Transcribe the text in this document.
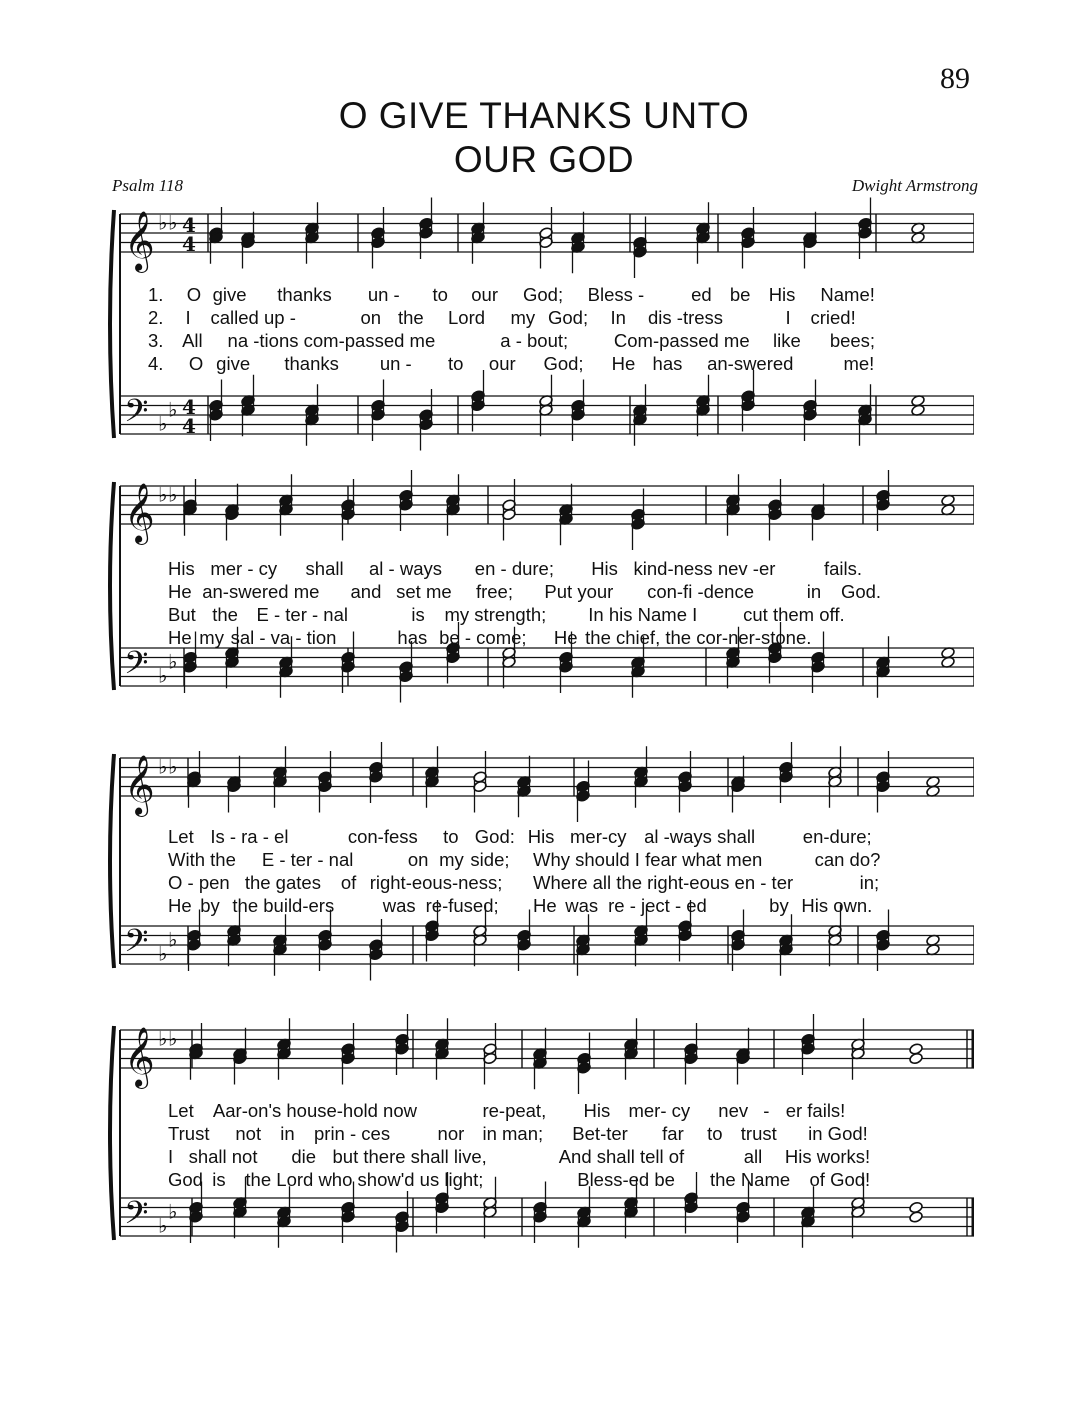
89
O GIVE THANKS UNTO
OUR GOD
Psalm 118	Dwight Armstrong
𝄞 ♭ ♭ 4
4
𝄢 ♭
♭ 4
4
1. O give thanks un - to our God; Bless -	ed be His Name!
2. I called up -	on the Lord my God; In dis -tress	I cried!
3. All na -tions com-passed me	a - bout; Com-passed me like bees;
4. O give thanks un - to our God; He has an-swered	me!
𝄞 ♭ ♭
𝄢 ♭
♭
His mer - cy shall al - ways en - dure; His kind-ness nev -er	fails.
He an-swered me and set me free; Put your con-fi -dence	in God.
But the E - ter - nal	is my strength; In his Name I cut them off.
He my sal - va - tion	has be - come; He the chief, the cor-ner-stone.
𝄞 ♭ ♭
𝄢 ♭
♭
Let Is - ra - el	con-fess to God: His mer-cy al -ways shall	en-dure;
With the E - ter - nal	on my side; Why should I fear what men	can do?
O - pen the gates of right-eous-ness; Where all the right-eous en - ter	in;
He by the build-ers	was re-fused; He was re - ject - ed	by His own.
𝄞 ♭ ♭
𝄢 ♭
♭
Let Aar-on's house-hold now	re-peat, His mer- cy nev - er fails!
Trust not in prin - ces	nor in man; Bet-ter far to trust in God!
I shall not die but there shall live,	And shall tell of	all His works!
God is the Lord who show'd us light;	Bless-ed be the Name of God!
